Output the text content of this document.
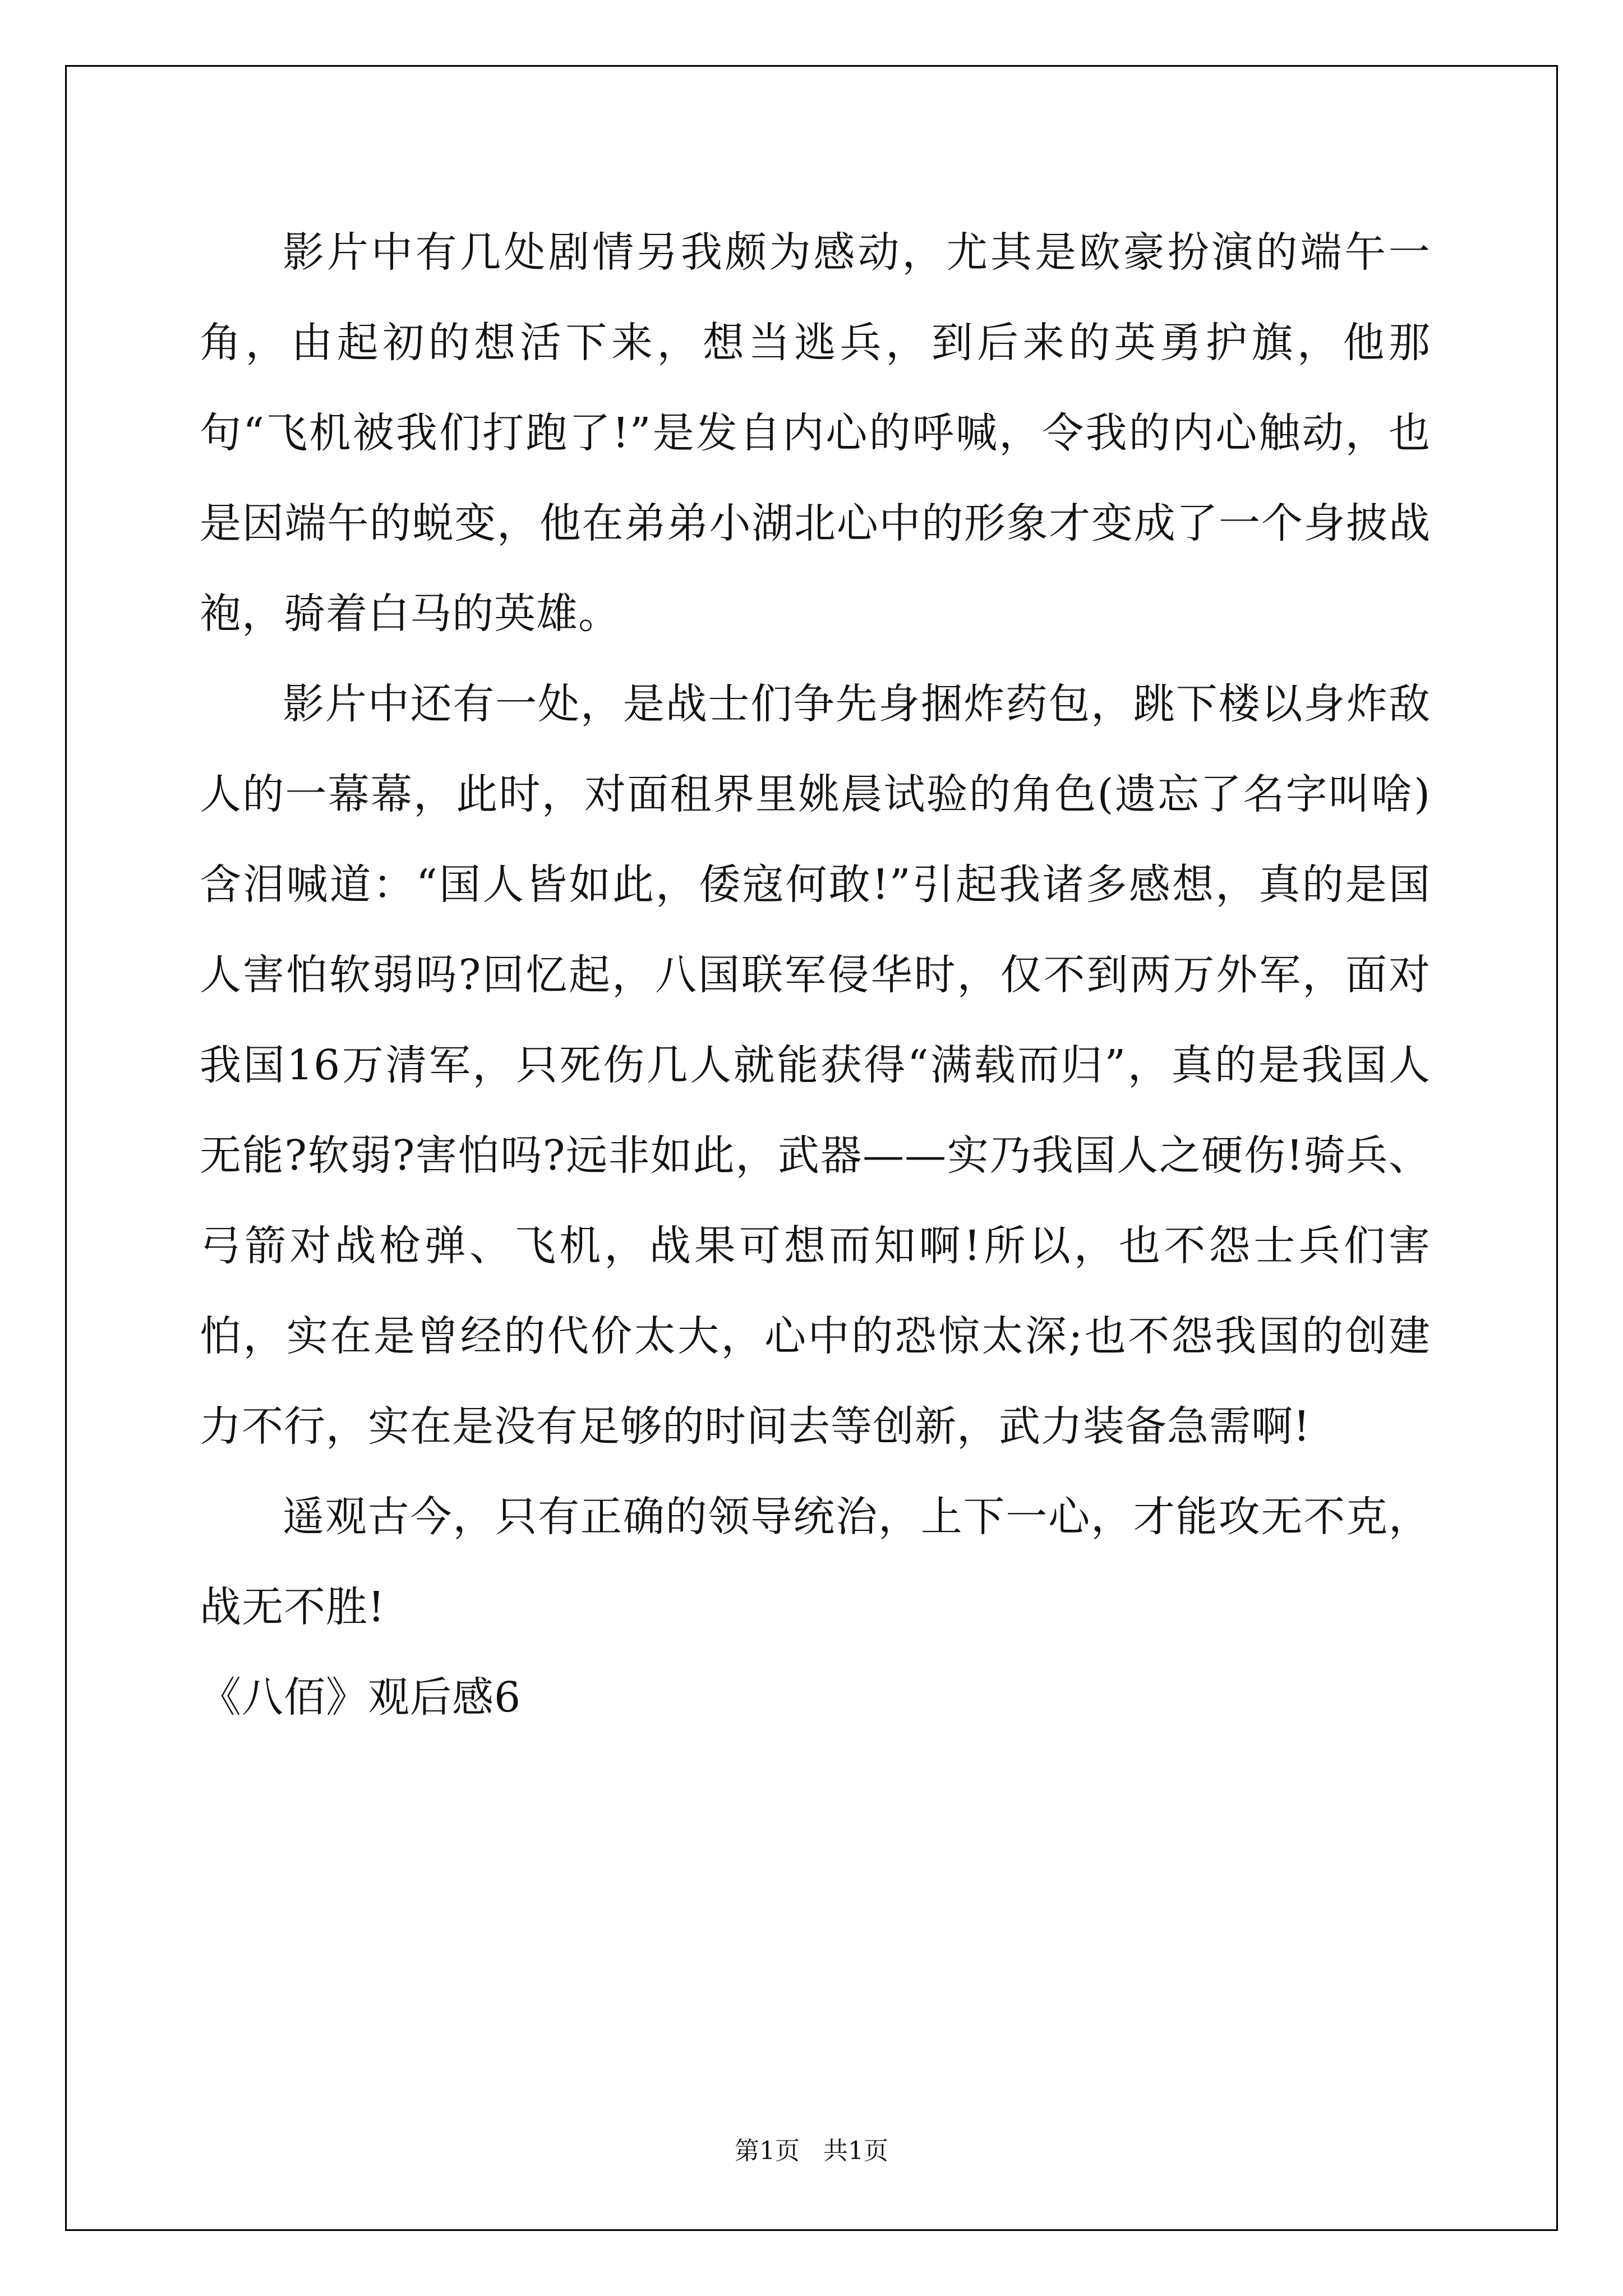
影片中有几处剧情另我颇为感动，尤其是欧豪扮演的端午一角，由起初的想活下来，想当逃兵，到后来的英勇护旗，他那句“飞机被我们打跑了!”是发自内心的呼喊，令我的内心触动，也是因端午的蜕变，他在弟弟小湖北心中的形象才变成了一个身披战袍，骑着白马的英雄。

影片中还有一处，是战士们争先身捆炸药包，跳下楼以身炸敌人的一幕幕，此时，对面租界里姚晨试验的角色(遗忘了名字叫啥)含泪喊道：“国人皆如此，倭寇何敢!”引起我诸多感想，真的是国人害怕软弱吗?回忆起，八国联军侵华时，仅不到两万外军，面对我国16万清军，只死伤几人就能获得“满载而归”，真的是我国人无能?软弱?害怕吗?远非如此，武器——实乃我国人之硬伤!骑兵、弓箭对战枪弹、飞机，战果可想而知啊!所以，也不怨士兵们害怕，实在是曾经的代价太大，心中的恐惊太深;也不怨我国的创建力不行，实在是没有足够的时间去等创新，武力装备急需啊!

遥观古今，只有正确的领导统治，上下一心，才能攻无不克，战无不胜!

《八佰》观后感6

第1页   共1页
